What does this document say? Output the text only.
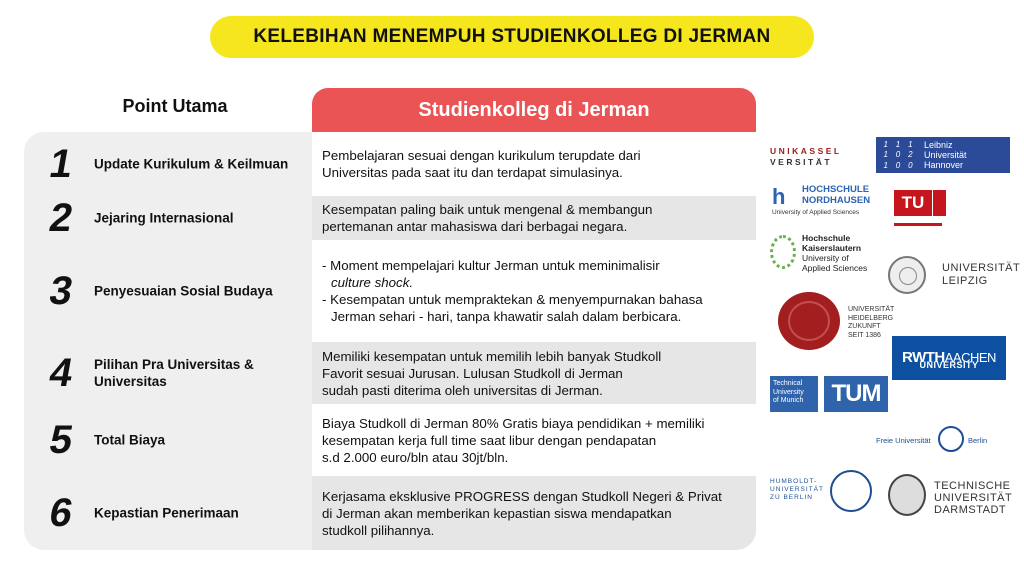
KELEBIHAN MENEMPUH STUDIENKOLLEG DI JERMAN
Point Utama	Studienkolleg di Jerman
1 Update Kurikulum & Keilmuan
Pembelajaran sesuai dengan kurikulum terupdate dari
Universitas pada saat itu dan terdapat simulasinya.
2 Jejaring Internasional
Kesempatan paling baik untuk mengenal & membangun
pertemanan antar mahasiswa dari berbagai negara.
3 Penyesuaian Sosial Budaya
- Moment mempelajari kultur Jerman untuk meminimalisir
culture shock.
- Kesempatan untuk mempraktekan & menyempurnakan bahasa
Jerman sehari - hari, tanpa khawatir salah dalam berbicara.
4 Pilihan Pra Universitas & Universitas
Memiliki kesempatan untuk memilih lebih banyak Studkoll
Favorit sesuai Jurusan. Lulusan Studkoll di Jerman
sudah pasti diterima oleh universitas di Jerman.
5 Total Biaya
Biaya Studkoll di Jerman 80% Gratis biaya pendidikan + memiliki
kesempatan kerja full time saat libur dengan pendapatan
s.d 2.000 euro/bln atau 30jt/bln.
6 Kepastian Penerimaan
Kerjasama eksklusive PROGRESS dengan Studkoll Negeri & Privat
di Jerman akan memberikan kepastian siswa mendapatkan
studkoll pilihannya.
UNIKASSEL
VERSITÄT
1 1 1
1 0 2
1 0 0
Leibniz
Universität
Hannover
h HOCHSCHULE
NORDHAUSEN
University of Applied Sciences
TU
Hochschule
Kaiserslautern
University of
Applied Sciences	UNIVERSITÄT
LEIPZIG
UNIVERSITÄT
HEIDELBERG
ZUKUNFT
SEIT 1386
RWTHAACHEN
UNIVERSITY
Technical
University
of Munich	TUM
Freie Universität	Berlin
HUMBOLDT-
UNIVERSITÄT
ZU BERLIN
TECHNISCHE
UNIVERSITÄT
DARMSTADT
